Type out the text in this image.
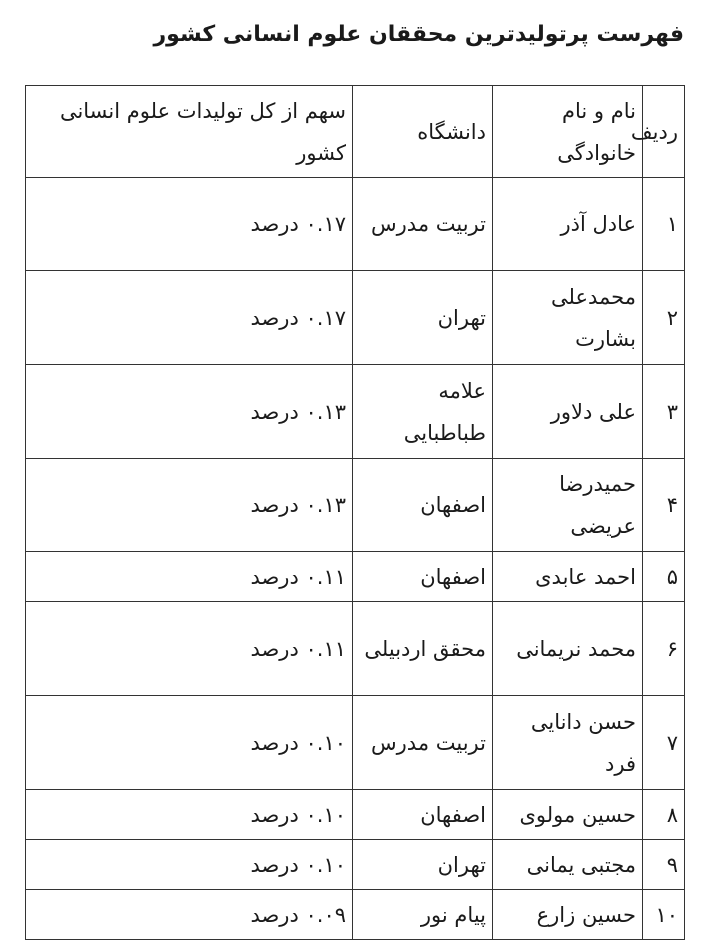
فهرست پرتولیدترین محققان علوم انسانی کشور
ردیف	نام و نام خانوادگی	دانشگاه	سهم از کل تولیدات علوم انسانی کشور
۱	عادل آذر	تربیت مدرس	۰.۱۷ درصد
۲	محمدعلی بشارت	تهران	۰.۱۷ درصد
۳	علی دلاور	علامه طباطبایی	۰.۱۳ درصد
۴	حمیدرضا عریضی	اصفهان	۰.۱۳ درصد
۵	احمد عابدی	اصفهان	۰.۱۱ درصد
۶	محمد نریمانی	محقق اردبیلی	۰.۱۱ درصد
۷	حسن دانایی فرد	تربیت مدرس	۰.۱۰ درصد
۸	حسین مولوی	اصفهان	۰.۱۰ درصد
۹	مجتبی یمانی	تهران	۰.۱۰ درصد
۱۰	حسین زارع	پیام نور	۰.۰۹ درصد
